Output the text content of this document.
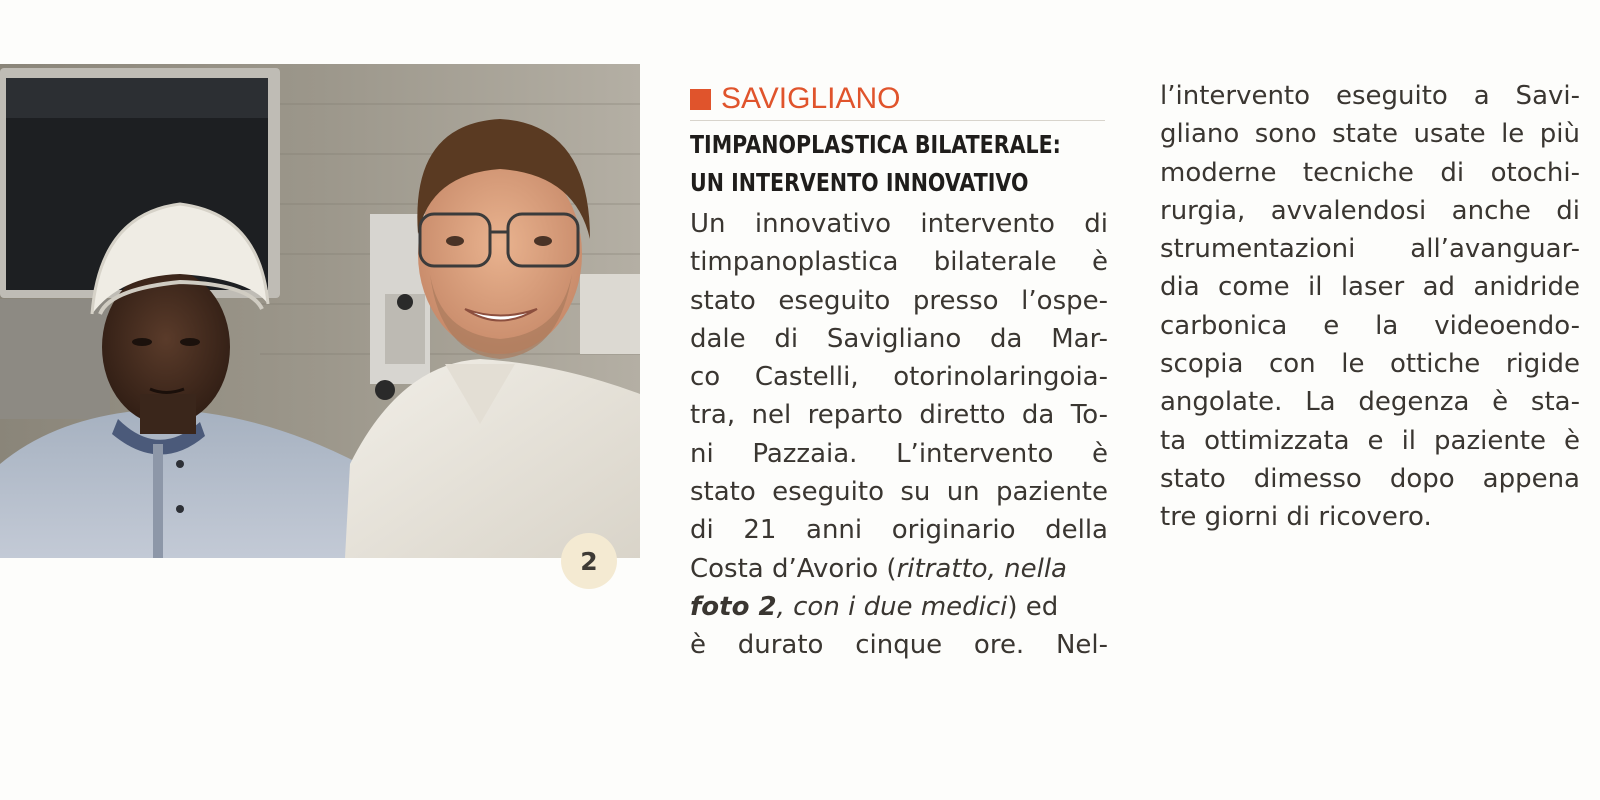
2
SAVIGLIANO
TIMPANOPLASTICA BILATERALE:
UN INTERVENTO INNOVATIVO
Un innovativo intervento di
timpanoplastica bilaterale è
stato eseguito presso l’ospe-
dale di Savigliano da Mar-
co Castelli, otorinolaringoia-
tra, nel reparto diretto da To-
ni Pazzaia. L’intervento è
stato eseguito su un paziente
di 21 anni originario della
Costa d’Avorio (ritratto, nella
foto 2, con i due medici) ed
è durato cinque ore. Nel-
l’intervento eseguito a Savi-
gliano sono state usate le più
moderne tecniche di otochi-
rurgia, avvalendosi anche di
strumentazioni all’avanguar-
dia come il laser ad anidride
carbonica e la videoendo-
scopia con le ottiche rigide
angolate. La degenza è sta-
ta ottimizzata e il paziente è
stato dimesso dopo appena
tre giorni di ricovero.
